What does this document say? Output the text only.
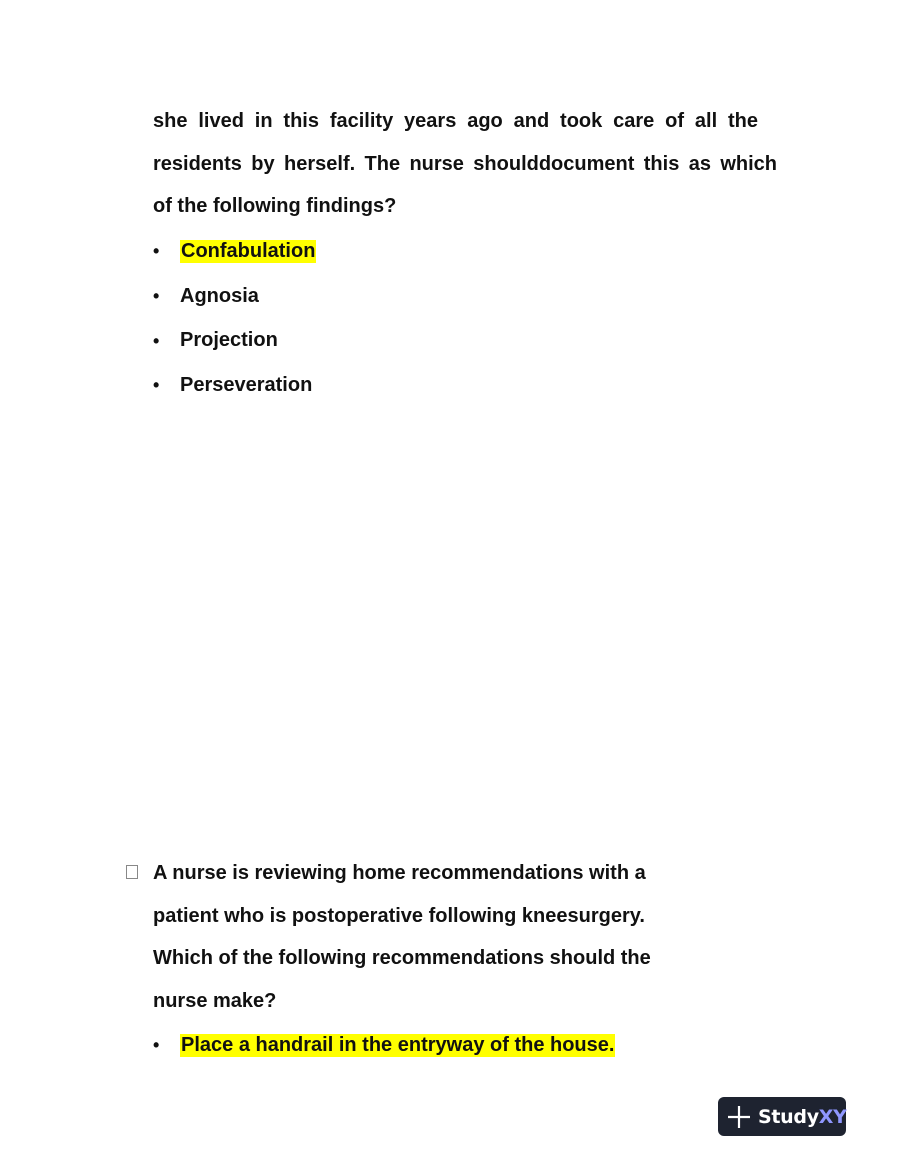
she lived in this facility years ago and took care of all the
residents by herself. The nurse shoulddocument this as which
of the following findings?

•	Confabulation
•	Agnosia
•	Projection
•	Perseveration

A nurse is reviewing home recommendations with a
patient who is postoperative following kneesurgery.
Which of the following recommendations should the
nurse make?

•	Place a handrail in the entryway of the house.
StudyXY
